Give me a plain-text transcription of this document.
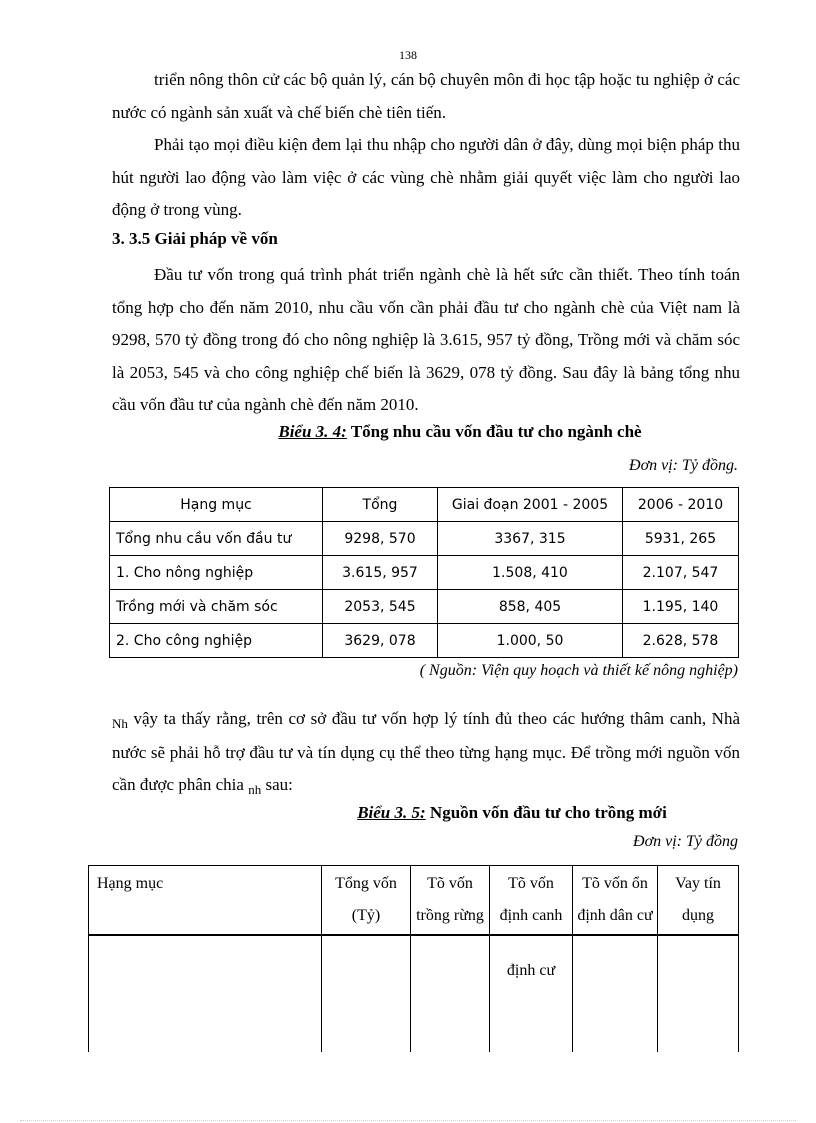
138
triển nông thôn cử các bộ quản lý, cán bộ chuyên môn đi học tập hoặc tu nghiệp ở các nước có ngành sản xuất và chế biến chè tiên tiến.
Phải tạo mọi điều kiện đem lại thu nhập cho người dân ở đây, dùng mọi biện pháp thu hút người lao động vào làm việc ở các vùng chè nhằm giải quyết việc làm cho người lao động ở trong vùng.
3. 3.5 Giải pháp về vốn
Đầu tư vốn trong quá trình phát triển ngành chè là hết sức cần thiết. Theo tính toán tổng hợp cho đến năm 2010, nhu cầu vốn cần phải đầu tư cho ngành chè của Việt nam là 9298, 570 tỷ đồng trong đó cho nông nghiệp là 3.615, 957 tỷ đồng, Trồng mới và chăm sóc là 2053, 545 và cho công nghiệp chế biến là 3629, 078 tỷ đồng. Sau đây là bảng tổng nhu cầu vốn đầu tư của ngành chè đến năm 2010.
Biểu 3. 4: Tổng nhu cầu vốn đầu tư cho ngành chè
Đơn vị: Tỷ đồng.
Hạng mục	Tổng	Giai đoạn 2001 - 2005	2006 - 2010
Tổng nhu cầu vốn đầu tư	9298, 570	3367, 315	5931, 265
1. Cho nông nghiệp	3.615, 957	1.508, 410	2.107, 547
Trồng mới và chăm sóc	2053, 545	858, 405	1.195, 140
2. Cho công nghiệp	3629, 078	1.000, 50	2.628, 578
( Nguồn: Viện quy hoạch và thiết kế nông nghiệp)
$_{Nh}$ vậy ta thấy rằng, trên cơ sở đầu tư vốn hợp lý tính đủ theo các hướng thâm canh, Nhà nước sẽ phải hỗ trợ đầu tư và tín dụng cụ thể theo từng hạng mục. Để trồng mới nguồn vốn cần được phân chia $_{nh}$ sau:
Biểu 3. 5: Nguồn vốn đầu tư cho trồng mới
Đơn vị: Tỷ đồng
Hạng mục	Tổng vốn (Tỷ)	Tõ vốn trồng rừng	Tõ vốn định canh	Tõ vốn ổn định dân cư	Vay tín dụng
			định cư		
